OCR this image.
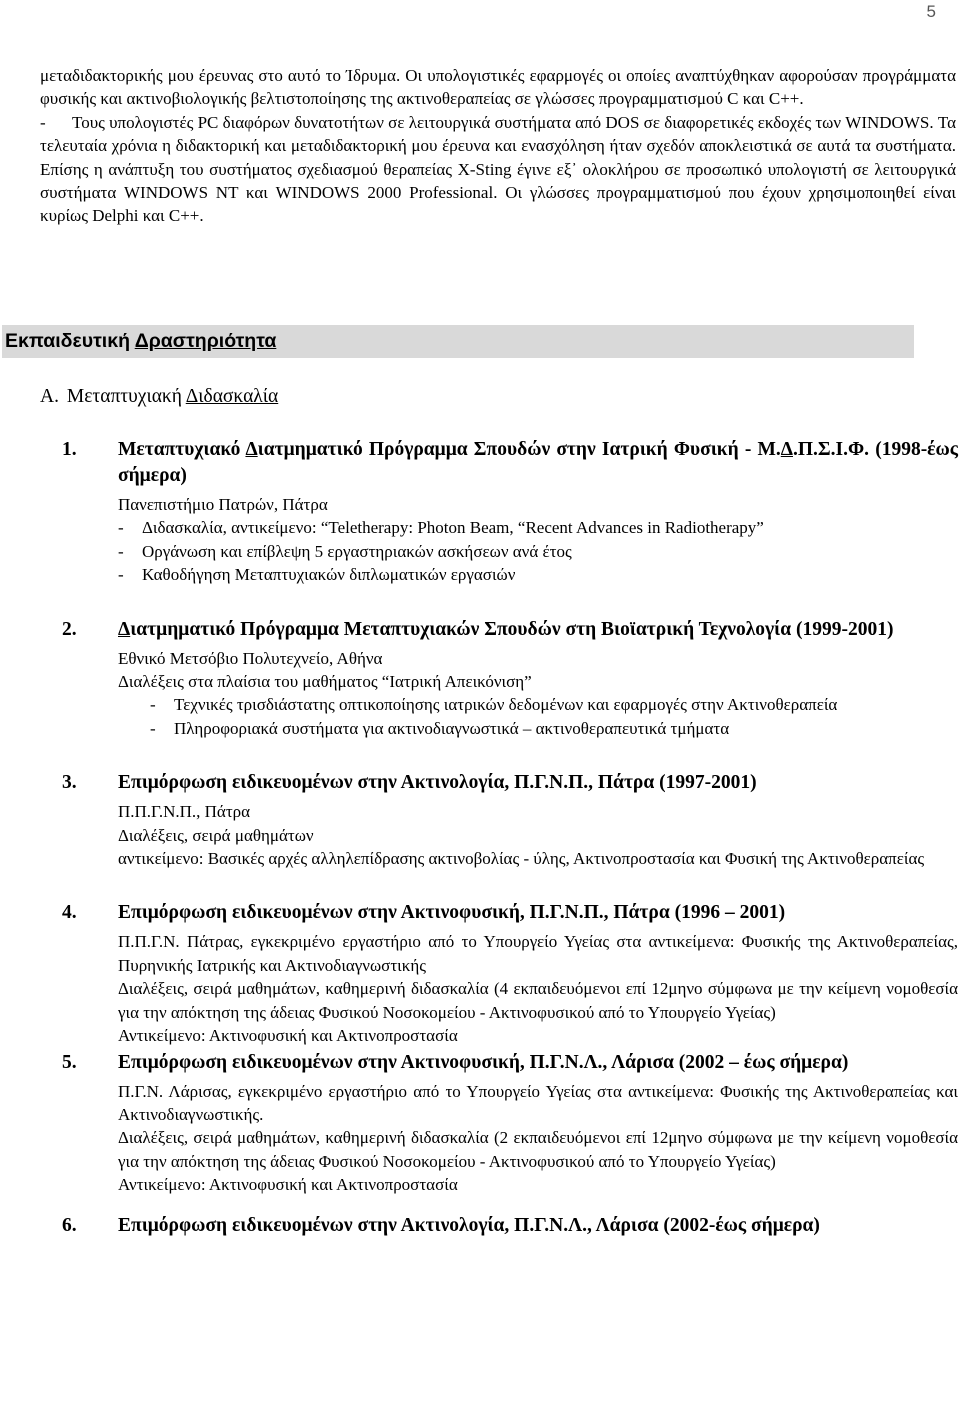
5
μεταδιδακτορικής μου έρευνας στο αυτό το Ίδρυμα. Οι υπολογιστικές εφαρμογές οι οποίες αναπτύχθηκαν αφορούσαν προγράμματα φυσικής και ακτινοβιολογικής βελτιστοποίησης της ακτινοθεραπείας σε γλώσσες προγραμματισμού C και C++.
- Τους υπολογιστές PC διαφόρων δυνατοτήτων σε λειτουργικά συστήματα από DOS σε διαφορετικές εκδοχές των WINDOWS. Τα τελευταία χρόνια η διδακτορική και μεταδιδακτορική μου έρευνα και ενασχόληση ήταν σχεδόν αποκλειστικά σε αυτά τα συστήματα. Επίσης η ανάπτυξη του συστήματος σχεδιασμού θεραπείας X-Sting έγινε εξ᾽ ολοκλήρου σε προσωπικό υπολογιστή σε λειτουργικά συστήματα WINDOWS NT και WINDOWS 2000 Professional. Οι γλώσσες προγραμματισμού που έχουν χρησιμοποιηθεί είναι κυρίως Delphi και C++.
Εκπαιδευτική Δραστηριότητα
Α. Μεταπτυχιακή Διδασκαλία
1. Μεταπτυχιακό Διατμηματικό Πρόγραμμα Σπουδών στην Ιατρική Φυσική - Μ.Δ.Π.Σ.Ι.Φ. (1998-έως σήμερα)
Πανεπιστήμιο Πατρών, Πάτρα
- Διδασκαλία, αντικείμενο: “Teletherapy: Photon Beam, “Recent Advances in Radiotherapy”
- Οργάνωση και επίβλεψη 5 εργαστηριακών ασκήσεων ανά έτος
- Καθοδήγηση Μεταπτυχιακών διπλωματικών εργασιών
2. Διατμηματικό Πρόγραμμα Μεταπτυχιακών Σπουδών στη Βιοϊατρική Τεχνολογία (1999-2001)
Εθνικό Μετσόβιο Πολυτεχνείο, Αθήνα
Διαλέξεις στα πλαίσια του μαθήματος “Ιατρική Απεικόνιση”
- Τεχνικές τρισδιάστατης οπτικοποίησης ιατρικών δεδομένων και εφαρμογές στην Ακτινοθεραπεία
- Πληροφοριακά συστήματα για ακτινοδιαγνωστικά – ακτινοθεραπευτικά τμήματα
3. Επιμόρφωση ειδικευομένων στην Ακτινολογία, Π.Γ.Ν.Π., Πάτρα (1997-2001)
Π.Π.Γ.Ν.Π., Πάτρα
Διαλέξεις, σειρά μαθημάτων
αντικείμενο: Βασικές αρχές αλληλεπίδρασης ακτινοβολίας - ύλης, Ακτινοπροστασία και Φυσική της Ακτινοθεραπείας
4. Επιμόρφωση ειδικευομένων στην Ακτινοφυσική, Π.Γ.Ν.Π., Πάτρα (1996 – 2001)
Π.Π.Γ.Ν. Πάτρας, εγκεκριμένο εργαστήριο από το Υπουργείο Υγείας στα αντικείμενα: Φυσικής της Ακτινοθεραπείας, Πυρηνικής Ιατρικής και Ακτινοδιαγνωστικής
Διαλέξεις, σειρά μαθημάτων, καθημερινή διδασκαλία (4 εκπαιδευόμενοι επί 12μηνο σύμφωνα με την κείμενη νομοθεσία για την απόκτηση της άδειας Φυσικού Νοσοκομείου - Ακτινοφυσικού από το Υπουργείο Υγείας)
Αντικείμενο: Ακτινοφυσική και Ακτινοπροστασία
5. Επιμόρφωση ειδικευομένων στην Ακτινοφυσική, Π.Γ.Ν.Λ., Λάρισα (2002 – έως σήμερα)
Π.Γ.Ν. Λάρισας, εγκεκριμένο εργαστήριο από το Υπουργείο Υγείας στα αντικείμενα: Φυσικής της Ακτινοθεραπείας και Ακτινοδιαγνωστικής.
Διαλέξεις, σειρά μαθημάτων, καθημερινή διδασκαλία (2 εκπαιδευόμενοι επί 12μηνο σύμφωνα με την κείμενη νομοθεσία για την απόκτηση της άδειας Φυσικού Νοσοκομείου - Ακτινοφυσικού από το Υπουργείο Υγείας)
Αντικείμενο: Ακτινοφυσική και Ακτινοπροστασία
6. Επιμόρφωση ειδικευομένων στην Ακτινολογία, Π.Γ.Ν.Λ., Λάρισα (2002-έως σήμερα)
